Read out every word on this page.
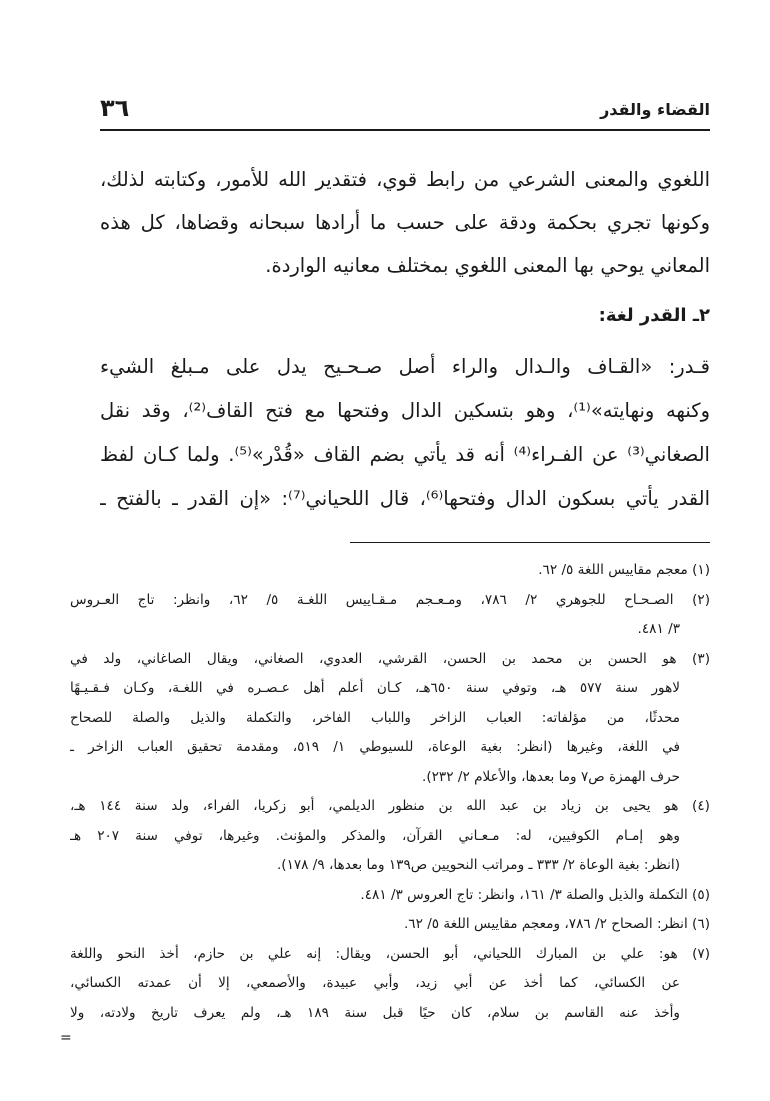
٣٦	القضاء والقدر
اللغوي والمعنى الشرعي من رابط قوي، فتقدير الله للأمور، وكتابته لذلك،
وكونها تجري بحكمة ودقة على حسب ما أرادها سبحانه وقضاها، كل هذه
المعاني يوحي بها المعنى اللغوي بمختلف معانيه الواردة.
٢ـ القدر لغة:
قـدر: «القـاف والـدال والراء أصل صـحـيح يدل على مـبلغ الشيء
وكنهه ونهايته»⁽¹⁾، وهو بتسكين الدال وفتحها مع فتح القاف⁽²⁾، وقد نقل
الصغاني⁽³⁾ عن الفـراء⁽⁴⁾ أنه قد يأتي بضم القاف «قُدْر»⁽⁵⁾. ولما كـان لفظ
القدر يأتي بسكون الدال وفتحها⁽⁶⁾، قال اللحياني⁽⁷⁾: «إن القدر ـ بالفتح ـ
(١) معجم مقاييس اللغة ٥/ ٦٢.
(٢) الصـحـاح للجوهري ٢/ ٧٨٦، ومـعـجم مـقـاييس اللغـة ٥/ ٦٢، وانظر: تاج العـروس
٣/ ٤٨١.
(٣) هو الحسن بن محمد بن الحسن، القرشي، العدوي، الصغاني، ويقال الصاغاني، ولد في
لاهور سنة ٥٧٧ هـ، وتوفي سنة ٦٥٠هـ، كـان أعلم أهل عـصـره في اللغـة، وكـان فـقـيـهًا
محدثًا، من مؤلفاته: العباب الزاخر واللباب الفاخر، والتكملة والذيل والصلة للصحاح
في اللغة، وغيرها (انظر: بغية الوعاة، للسيوطي ١/ ٥١٩، ومقدمة تحقيق العباب الزاخر ـ
حرف الهمزة ص٧ وما بعدها، والأعلام ٢/ ٢٣٢).
(٤) هو يحيى بن زياد بن عبد الله بن منظور الديلمي، أبو زكريا، الفراء، ولد سنة ١٤٤ هـ،
وهو إمـام الكوفيين، له: مـعـاني القرآن، والمذكر والمؤنث. وغيرها، توفي سنة ٢٠٧ هـ
(انظر: بغية الوعاة ٢/ ٣٣٣ ـ ومراتب النحويين ص١٣٩ وما بعدها، ٩/ ١٧٨).
(٥) التكملة والذيل والصلة ٣/ ١٦١، وانظر: تاج العروس ٣/ ٤٨١.
(٦) انظر: الصحاح ٢/ ٧٨٦، ومعجم مقاييس اللغة ٥/ ٦٢.
(٧) هو: علي بن المبارك اللحياني، أبو الحسن، ويقال: إنه علي بن حازم، أخذ النحو واللغة
عن الكسائي، كما أخذ عن أبي زيد، وأبي عبيدة، والأصمعي، إلا أن عمدته الكسائي،
وأخذ عنه القاسم بن سلام، كان حيًا قبل سنة ١٨٩ هـ، ولم يعرف تاريخ ولادته، ولا
=
